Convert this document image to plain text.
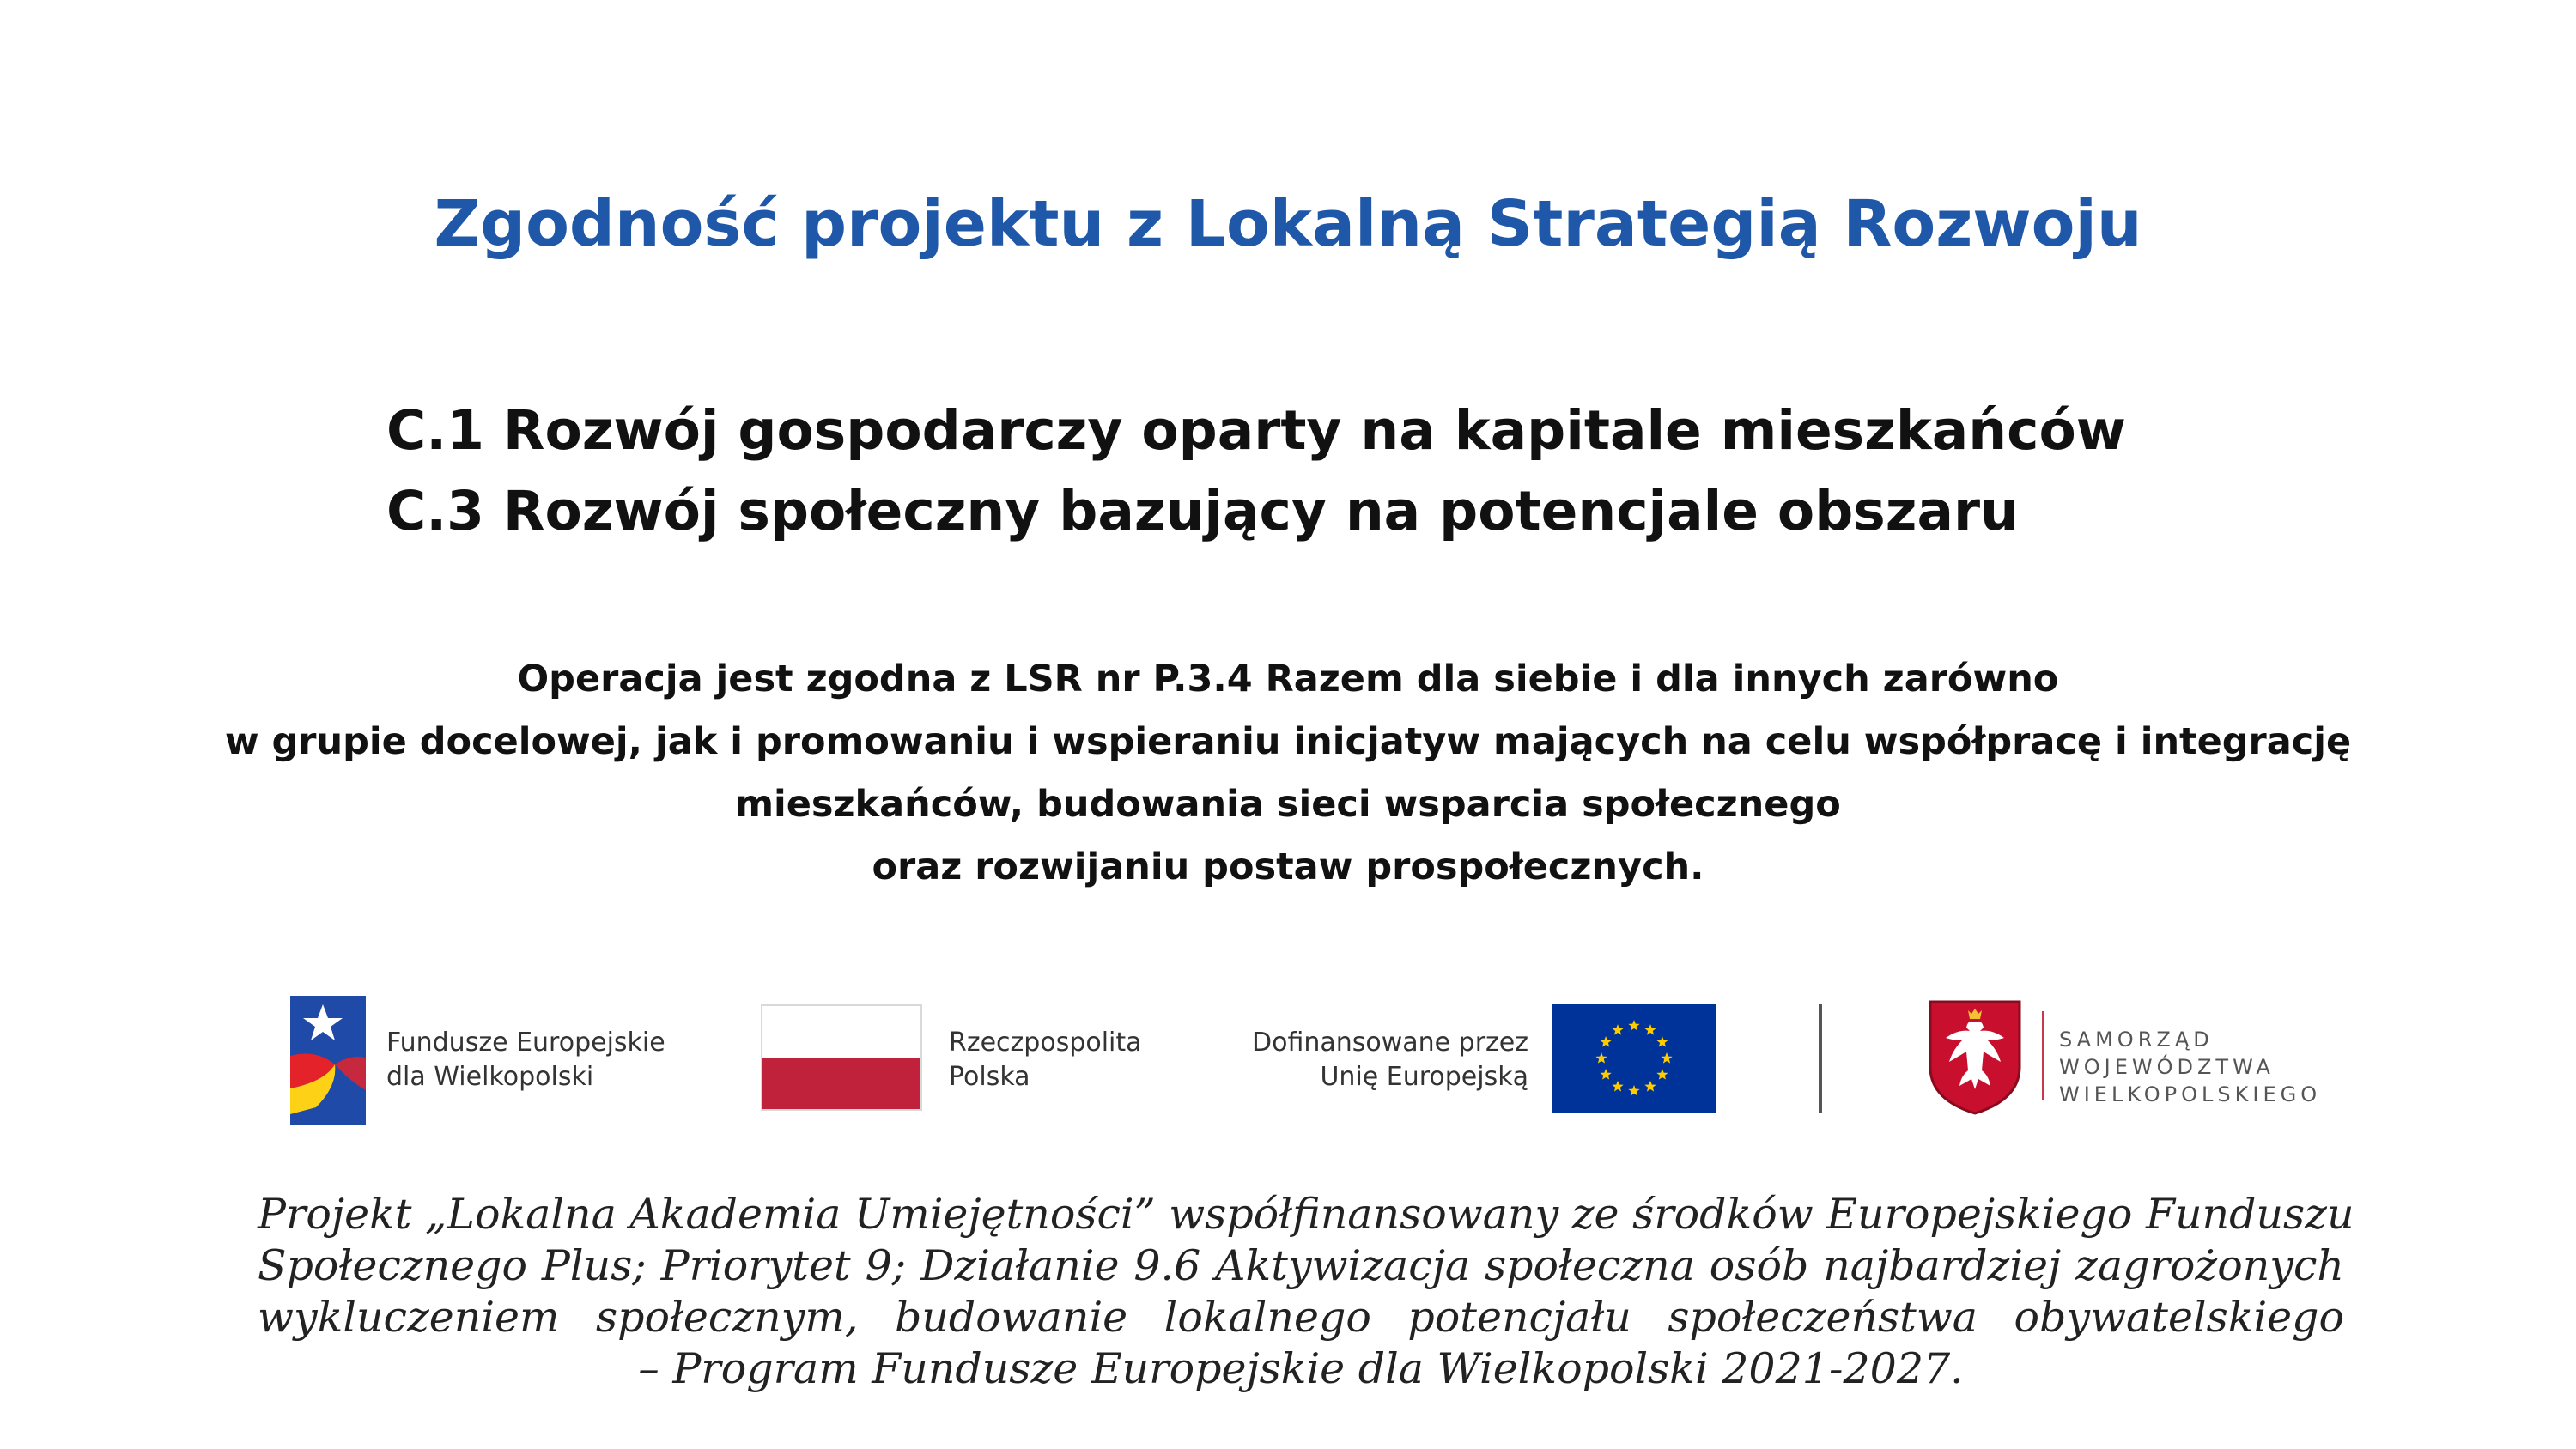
Zgodność projektu z Lokalną Strategią Rozwoju
C.1 Rozwój gospodarczy oparty na kapitale mieszkańców
C.3 Rozwój społeczny bazujący na potencjale obszaru
Operacja jest zgodna z LSR nr P.3.4 Razem dla siebie i dla innych zarówno
w grupie docelowej, jak i promowaniu i wspieraniu inicjatyw mających na celu współpracę i integrację
mieszkańców, budowania sieci wsparcia społecznego
oraz rozwijaniu postaw prospołecznych.
Fundusze Europejskie
dla Wielkopolski
Rzeczpospolita
Polska
Dofinansowane przez
Unię Europejską
SAMORZĄD
WOJEWÓDZTWA
WIELKOPOLSKIEGO
Projekt „Lokalna Akademia Umiejętności” współfinansowany ze środków Europejskiego Funduszu
Społecznego Plus; Priorytet 9; Działanie 9.6 Aktywizacja społeczna osób najbardziej zagrożonych
wykluczeniem społecznym, budowanie lokalnego potencjału społeczeństwa obywatelskiego
– Program Fundusze Europejskie dla Wielkopolski 2021-2027.
